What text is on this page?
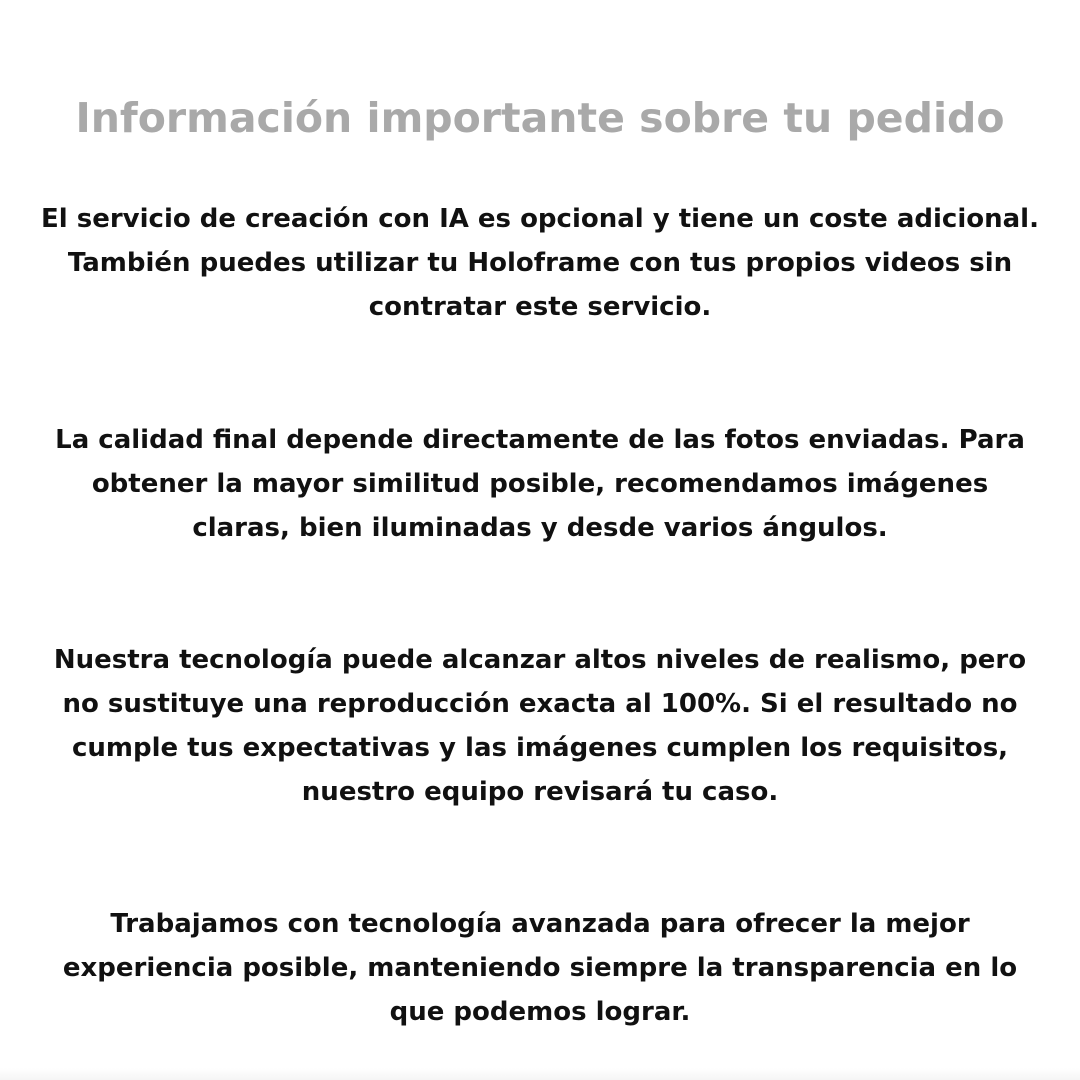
Información importante sobre tu pedido

El servicio de creación con IA es opcional y tiene un coste adicional. También puedes utilizar tu Holoframe con tus propios videos sin contratar este servicio.

La calidad final depende directamente de las fotos enviadas. Para obtener la mayor similitud posible, recomendamos imágenes claras, bien iluminadas y desde varios ángulos.

Nuestra tecnología puede alcanzar altos niveles de realismo, pero no sustituye una reproducción exacta al 100%. Si el resultado no cumple tus expectativas y las imágenes cumplen los requisitos, nuestro equipo revisará tu caso.

Trabajamos con tecnología avanzada para ofrecer la mejor experiencia posible, manteniendo siempre la transparencia en lo que podemos lograr.
